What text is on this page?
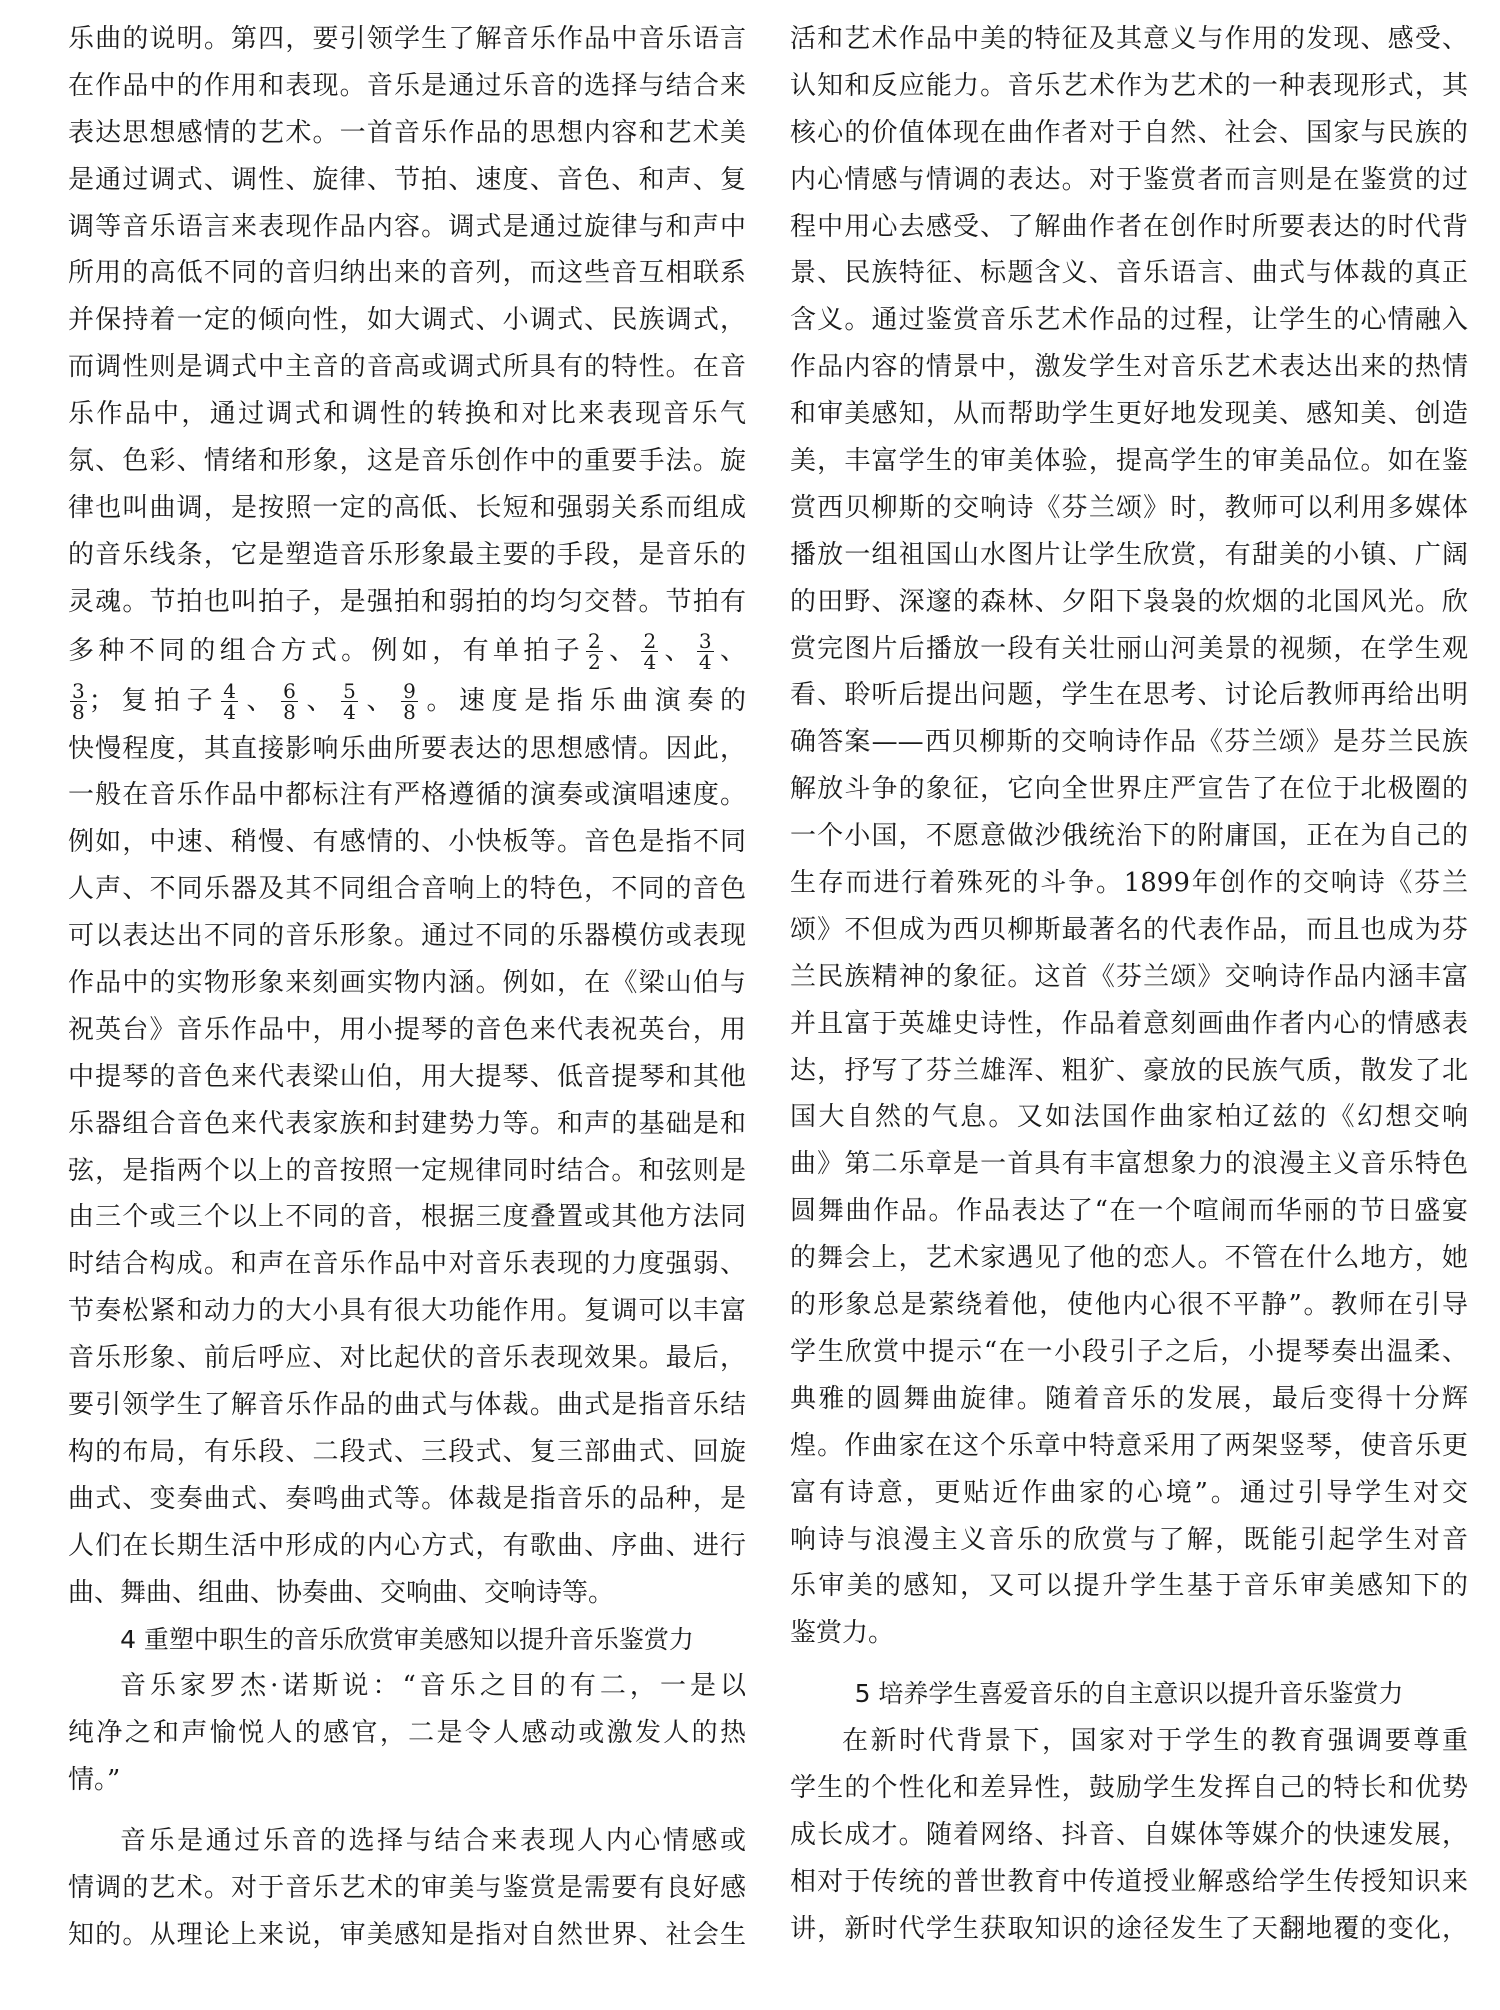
乐曲的说明。第四，要引领学生了解音乐作品中音乐语言
在作品中的作用和表现。音乐是通过乐音的选择与结合来
表达思想感情的艺术。一首音乐作品的思想内容和艺术美
是通过调式、调性、旋律、节拍、速度、音色、和声、复
调等音乐语言来表现作品内容。调式是通过旋律与和声中
所用的高低不同的音归纳出来的音列，而这些音互相联系
并保持着一定的倾向性，如大调式、小调式、民族调式，
而调性则是调式中主音的音高或调式所具有的特性。在音
乐作品中，通过调式和调性的转换和对比来表现音乐气
氛、色彩、情绪和形象，这是音乐创作中的重要手法。旋
律也叫曲调，是按照一定的高低、长短和强弱关系而组成
的音乐线条，它是塑造音乐形象最主要的手段，是音乐的
灵魂。节拍也叫拍子，是强拍和弱拍的均匀交替。节拍有
多种不同的组合方式。例如，有单拍子 $\frac{2}{2}$ 、 $\frac{2}{4}$ 、 $\frac{3}{4}$ 、
$\frac{3}{8}$ ；复拍子 $\frac{4}{4}$ 、 $\frac{6}{8}$ 、 $\frac{5}{4}$ 、 $\frac{9}{8}$ 。速度是指乐曲演奏的
快慢程度，其直接影响乐曲所要表达的思想感情。因此，
一般在音乐作品中都标注有严格遵循的演奏或演唱速度。
例如，中速、稍慢、有感情的、小快板等。音色是指不同
人声、不同乐器及其不同组合音响上的特色，不同的音色
可以表达出不同的音乐形象。通过不同的乐器模仿或表现
作品中的实物形象来刻画实物内涵。例如，在《梁山伯与
祝英台》音乐作品中，用小提琴的音色来代表祝英台，用
中提琴的音色来代表梁山伯，用大提琴、低音提琴和其他
乐器组合音色来代表家族和封建势力等。和声的基础是和
弦，是指两个以上的音按照一定规律同时结合。和弦则是
由三个或三个以上不同的音，根据三度叠置或其他方法同
时结合构成。和声在音乐作品中对音乐表现的力度强弱、
节奏松紧和动力的大小具有很大功能作用。复调可以丰富
音乐形象、前后呼应、对比起伏的音乐表现效果。最后，
要引领学生了解音乐作品的曲式与体裁。曲式是指音乐结
构的布局，有乐段、二段式、三段式、复三部曲式、回旋
曲式、变奏曲式、奏鸣曲式等。体裁是指音乐的品种，是
人们在长期生活中形成的内心方式，有歌曲、序曲、进行
曲、舞曲、组曲、协奏曲、交响曲、交响诗等。
4 重塑中职生的音乐欣赏审美感知以提升音乐鉴赏力
音乐家罗杰·诺斯说：“音乐之目的有二，一是以
纯净之和声愉悦人的感官，二是令人感动或激发人的热
情。”
音乐是通过乐音的选择与结合来表现人内心情感或
情调的艺术。对于音乐艺术的审美与鉴赏是需要有良好感
知的。从理论上来说，审美感知是指对自然世界、社会生
活和艺术作品中美的特征及其意义与作用的发现、感受、
认知和反应能力。音乐艺术作为艺术的一种表现形式，其
核心的价值体现在曲作者对于自然、社会、国家与民族的
内心情感与情调的表达。对于鉴赏者而言则是在鉴赏的过
程中用心去感受、了解曲作者在创作时所要表达的时代背
景、民族特征、标题含义、音乐语言、曲式与体裁的真正
含义。通过鉴赏音乐艺术作品的过程，让学生的心情融入
作品内容的情景中，激发学生对音乐艺术表达出来的热情
和审美感知，从而帮助学生更好地发现美、感知美、创造
美，丰富学生的审美体验，提高学生的审美品位。如在鉴
赏西贝柳斯的交响诗《芬兰颂》时，教师可以利用多媒体
播放一组祖国山水图片让学生欣赏，有甜美的小镇、广阔
的田野、深邃的森林、夕阳下袅袅的炊烟的北国风光。欣
赏完图片后播放一段有关壮丽山河美景的视频，在学生观
看、聆听后提出问题，学生在思考、讨论后教师再给出明
确答案——西贝柳斯的交响诗作品《芬兰颂》是芬兰民族
解放斗争的象征，它向全世界庄严宣告了在位于北极圈的
一个小国，不愿意做沙俄统治下的附庸国，正在为自己的
生存而进行着殊死的斗争。1899年创作的交响诗《芬兰
颂》不但成为西贝柳斯最著名的代表作品，而且也成为芬
兰民族精神的象征。这首《芬兰颂》交响诗作品内涵丰富
并且富于英雄史诗性，作品着意刻画曲作者内心的情感表
达，抒写了芬兰雄浑、粗犷、豪放的民族气质，散发了北
国大自然的气息。又如法国作曲家柏辽兹的《幻想交响
曲》第二乐章是一首具有丰富想象力的浪漫主义音乐特色
圆舞曲作品。作品表达了“在一个喧闹而华丽的节日盛宴
的舞会上，艺术家遇见了他的恋人。不管在什么地方，她
的形象总是萦绕着他，使他内心很不平静”。教师在引导
学生欣赏中提示“在一小段引子之后，小提琴奏出温柔、
典雅的圆舞曲旋律。随着音乐的发展，最后变得十分辉
煌。作曲家在这个乐章中特意采用了两架竖琴，使音乐更
富有诗意，更贴近作曲家的心境”。通过引导学生对交
响诗与浪漫主义音乐的欣赏与了解，既能引起学生对音
乐审美的感知，又可以提升学生基于音乐审美感知下的
鉴赏力。
5 培养学生喜爱音乐的自主意识以提升音乐鉴赏力
在新时代背景下，国家对于学生的教育强调要尊重
学生的个性化和差异性，鼓励学生发挥自己的特长和优势
成长成才。随着网络、抖音、自媒体等媒介的快速发展，
相对于传统的普世教育中传道授业解惑给学生传授知识来
讲，新时代学生获取知识的途径发生了天翻地覆的变化，
